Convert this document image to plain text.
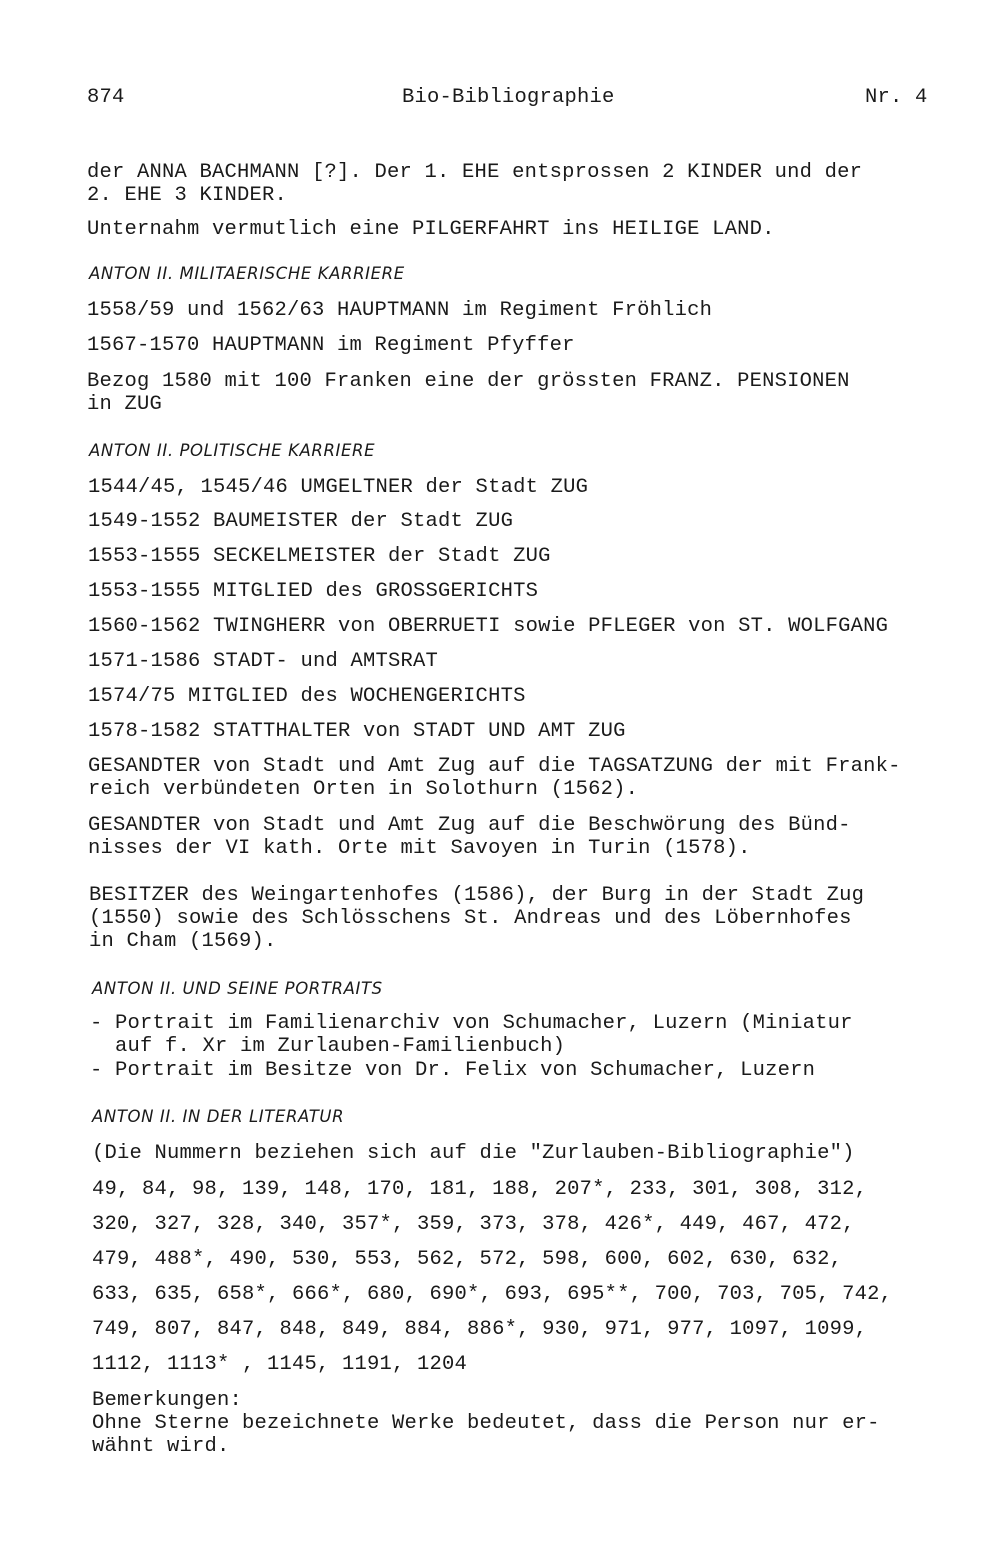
874	Bio-Bibliographie	Nr. 4
der ANNA BACHMANN [?]. Der 1. EHE entsprossen 2 KINDER und der
2. EHE 3 KINDER.
Unternahm vermutlich eine PILGERFAHRT ins HEILIGE LAND.
ANTON II. MILITAERISCHE KARRIERE
1558/59 und 1562/63 HAUPTMANN im Regiment Fröhlich
1567-1570 HAUPTMANN im Regiment Pfyffer
Bezog 1580 mit 100 Franken eine der grössten FRANZ. PENSIONEN
in ZUG
ANTON II. POLITISCHE KARRIERE
1544/45, 1545/46 UMGELTNER der Stadt ZUG
1549-1552 BAUMEISTER der Stadt ZUG
1553-1555 SECKELMEISTER der Stadt ZUG
1553-1555 MITGLIED des GROSSGERICHTS
1560-1562 TWINGHERR von OBERRUETI sowie PFLEGER von ST. WOLFGANG
1571-1586 STADT- und AMTSRAT
1574/75 MITGLIED des WOCHENGERICHTS
1578-1582 STATTHALTER von STADT UND AMT ZUG
GESANDTER von Stadt und Amt Zug auf die TAGSATZUNG der mit Frank-
reich verbündeten Orten in Solothurn (1562).
GESANDTER von Stadt und Amt Zug auf die Beschwörung des Bünd-
nisses der VI kath. Orte mit Savoyen in Turin (1578).
BESITZER des Weingartenhofes (1586), der Burg in der Stadt Zug
(1550) sowie des Schlösschens St. Andreas und des Löbernhofes
in Cham (1569).
ANTON II. UND SEINE PORTRAITS
- Portrait im Familienarchiv von Schumacher, Luzern (Miniatur
auf f. Xr im Zurlauben-Familienbuch)
- Portrait im Besitze von Dr. Felix von Schumacher, Luzern
ANTON II. IN DER LITERATUR
(Die Nummern beziehen sich auf die "Zurlauben-Bibliographie")
49, 84, 98, 139, 148, 170, 181, 188, 207*, 233, 301, 308, 312,
320, 327, 328, 340, 357*, 359, 373, 378, 426*, 449, 467, 472,
479, 488*, 490, 530, 553, 562, 572, 598, 600, 602, 630, 632,
633, 635, 658*, 666*, 680, 690*, 693, 695**, 700, 703, 705, 742,
749, 807, 847, 848, 849, 884, 886*, 930, 971, 977, 1097, 1099,
1112, 1113* , 1145, 1191, 1204
Bemerkungen:
Ohne Sterne bezeichnete Werke bedeutet, dass die Person nur er-
wähnt wird.
